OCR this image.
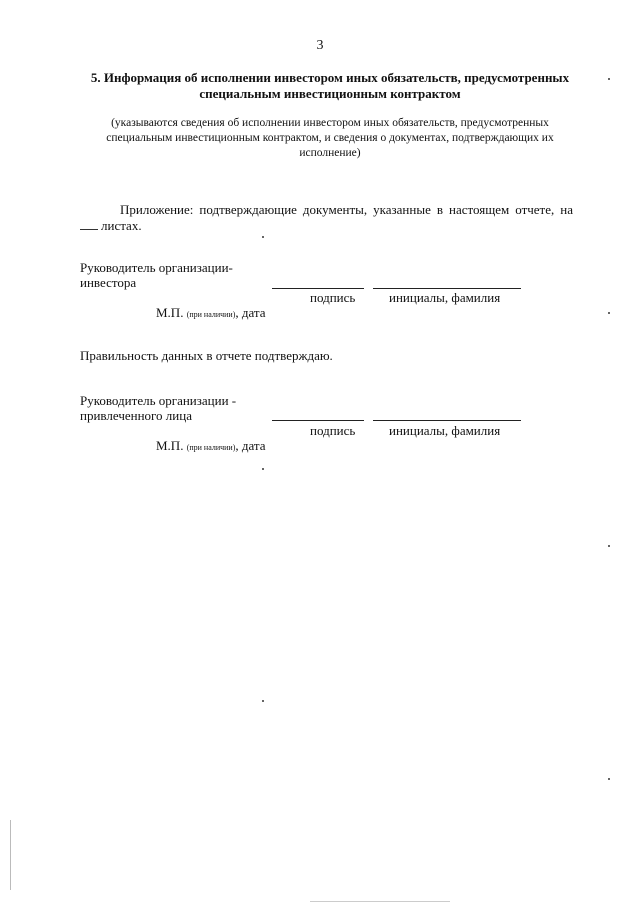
3
5. Информация об исполнении инвестором иных обязательств, предусмотренных
специальным инвестиционным контрактом
(указываются сведения об исполнении инвестором иных обязательств, предусмотренных
специальным инвестиционным контрактом, и сведения о документах, подтверждающих их
исполнение)
Приложение: подтверждающие документы, указанные в настоящем отчете, на
листах.
Руководитель организации-
инвестора
подпись	инициалы, фамилия
М.П. (при наличии), дата
Правильность данных в отчете подтверждаю.
Руководитель организации -
привлеченного лица
подпись	инициалы, фамилия
М.П. (при наличии), дата
